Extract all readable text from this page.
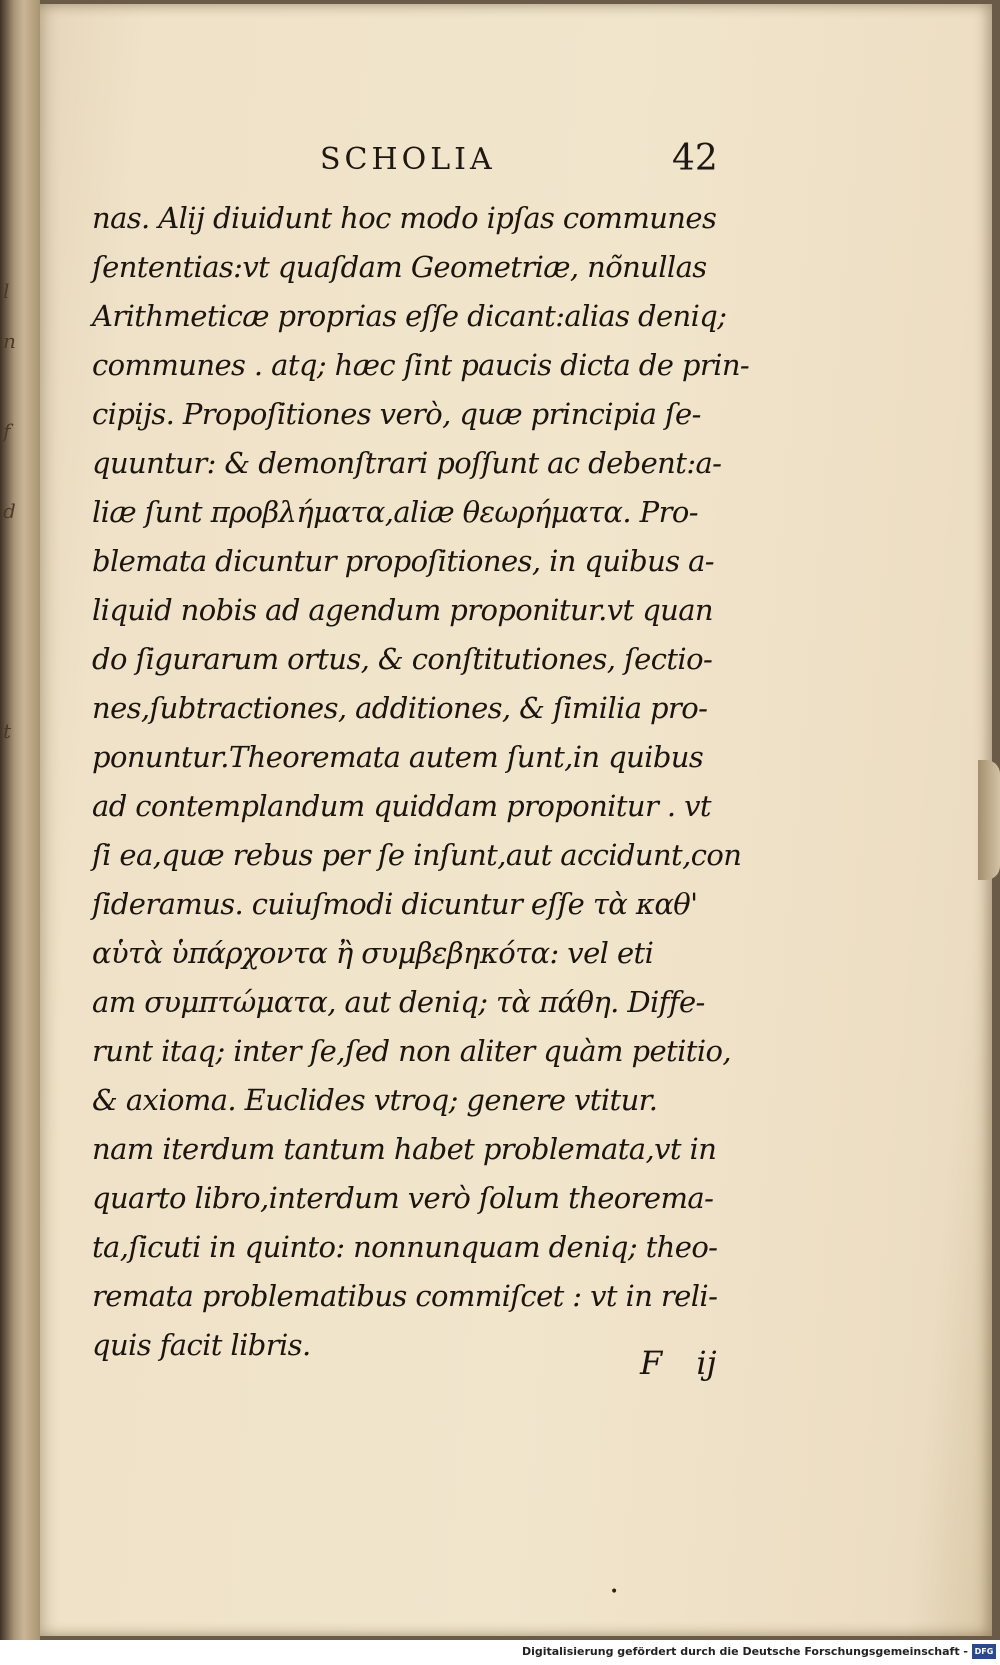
l
n
f
d
t
SCHOLIA	42
nas. Alij diuidunt hoc modo ipſas communes
ſententias:vt quaſdam Geometriæ, nõnullas
Arithmeticæ proprias eſſe dicant:alias deniq;
communes . atq; hæc ſint paucis dicta de prin-
cipijs. Propoſitiones verò, quæ principia ſe-
quuntur: & demonſtrari poſſunt ac debent:a-
liæ ſunt προβλήματα,aliæ θεωρήματα. Pro-
blemata dicuntur propoſitiones, in quibus a-
liquid nobis ad agendum proponitur.vt quan
do ſigurarum ortus, & conſtitutiones, ſectio-
nes,ſubtractiones, additiones, & ſimilia pro-
ponuntur.Theoremata autem ſunt,in quibus
ad contemplandum quiddam proponitur . vt
ſi ea,quæ rebus per ſe inſunt,aut accidunt,con
ſideramus. cuiuſmodi dicuntur eſſe τὰ καθ'
αὑτὰ ὑπάρχοντα ἢ συμβεβηκότα: vel eti
am συμπτώματα, aut deniq; τὰ πάθη. Diffe-
runt itaq; inter ſe,ſed non aliter quàm petitio,
& axioma. Euclides vtroq; genere vtitur.
nam iterdum tantum habet problemata,vt in
quarto libro,interdum verò ſolum theorema-
ta,ſicuti in quinto: nonnunquam deniq; theo-
remata problematibus commiſcet : vt in reli-
quis facit libris.	F ij
•
Digitalisierung gefördert durch die Deutsche Forschungsgemeinschaft - DFG
